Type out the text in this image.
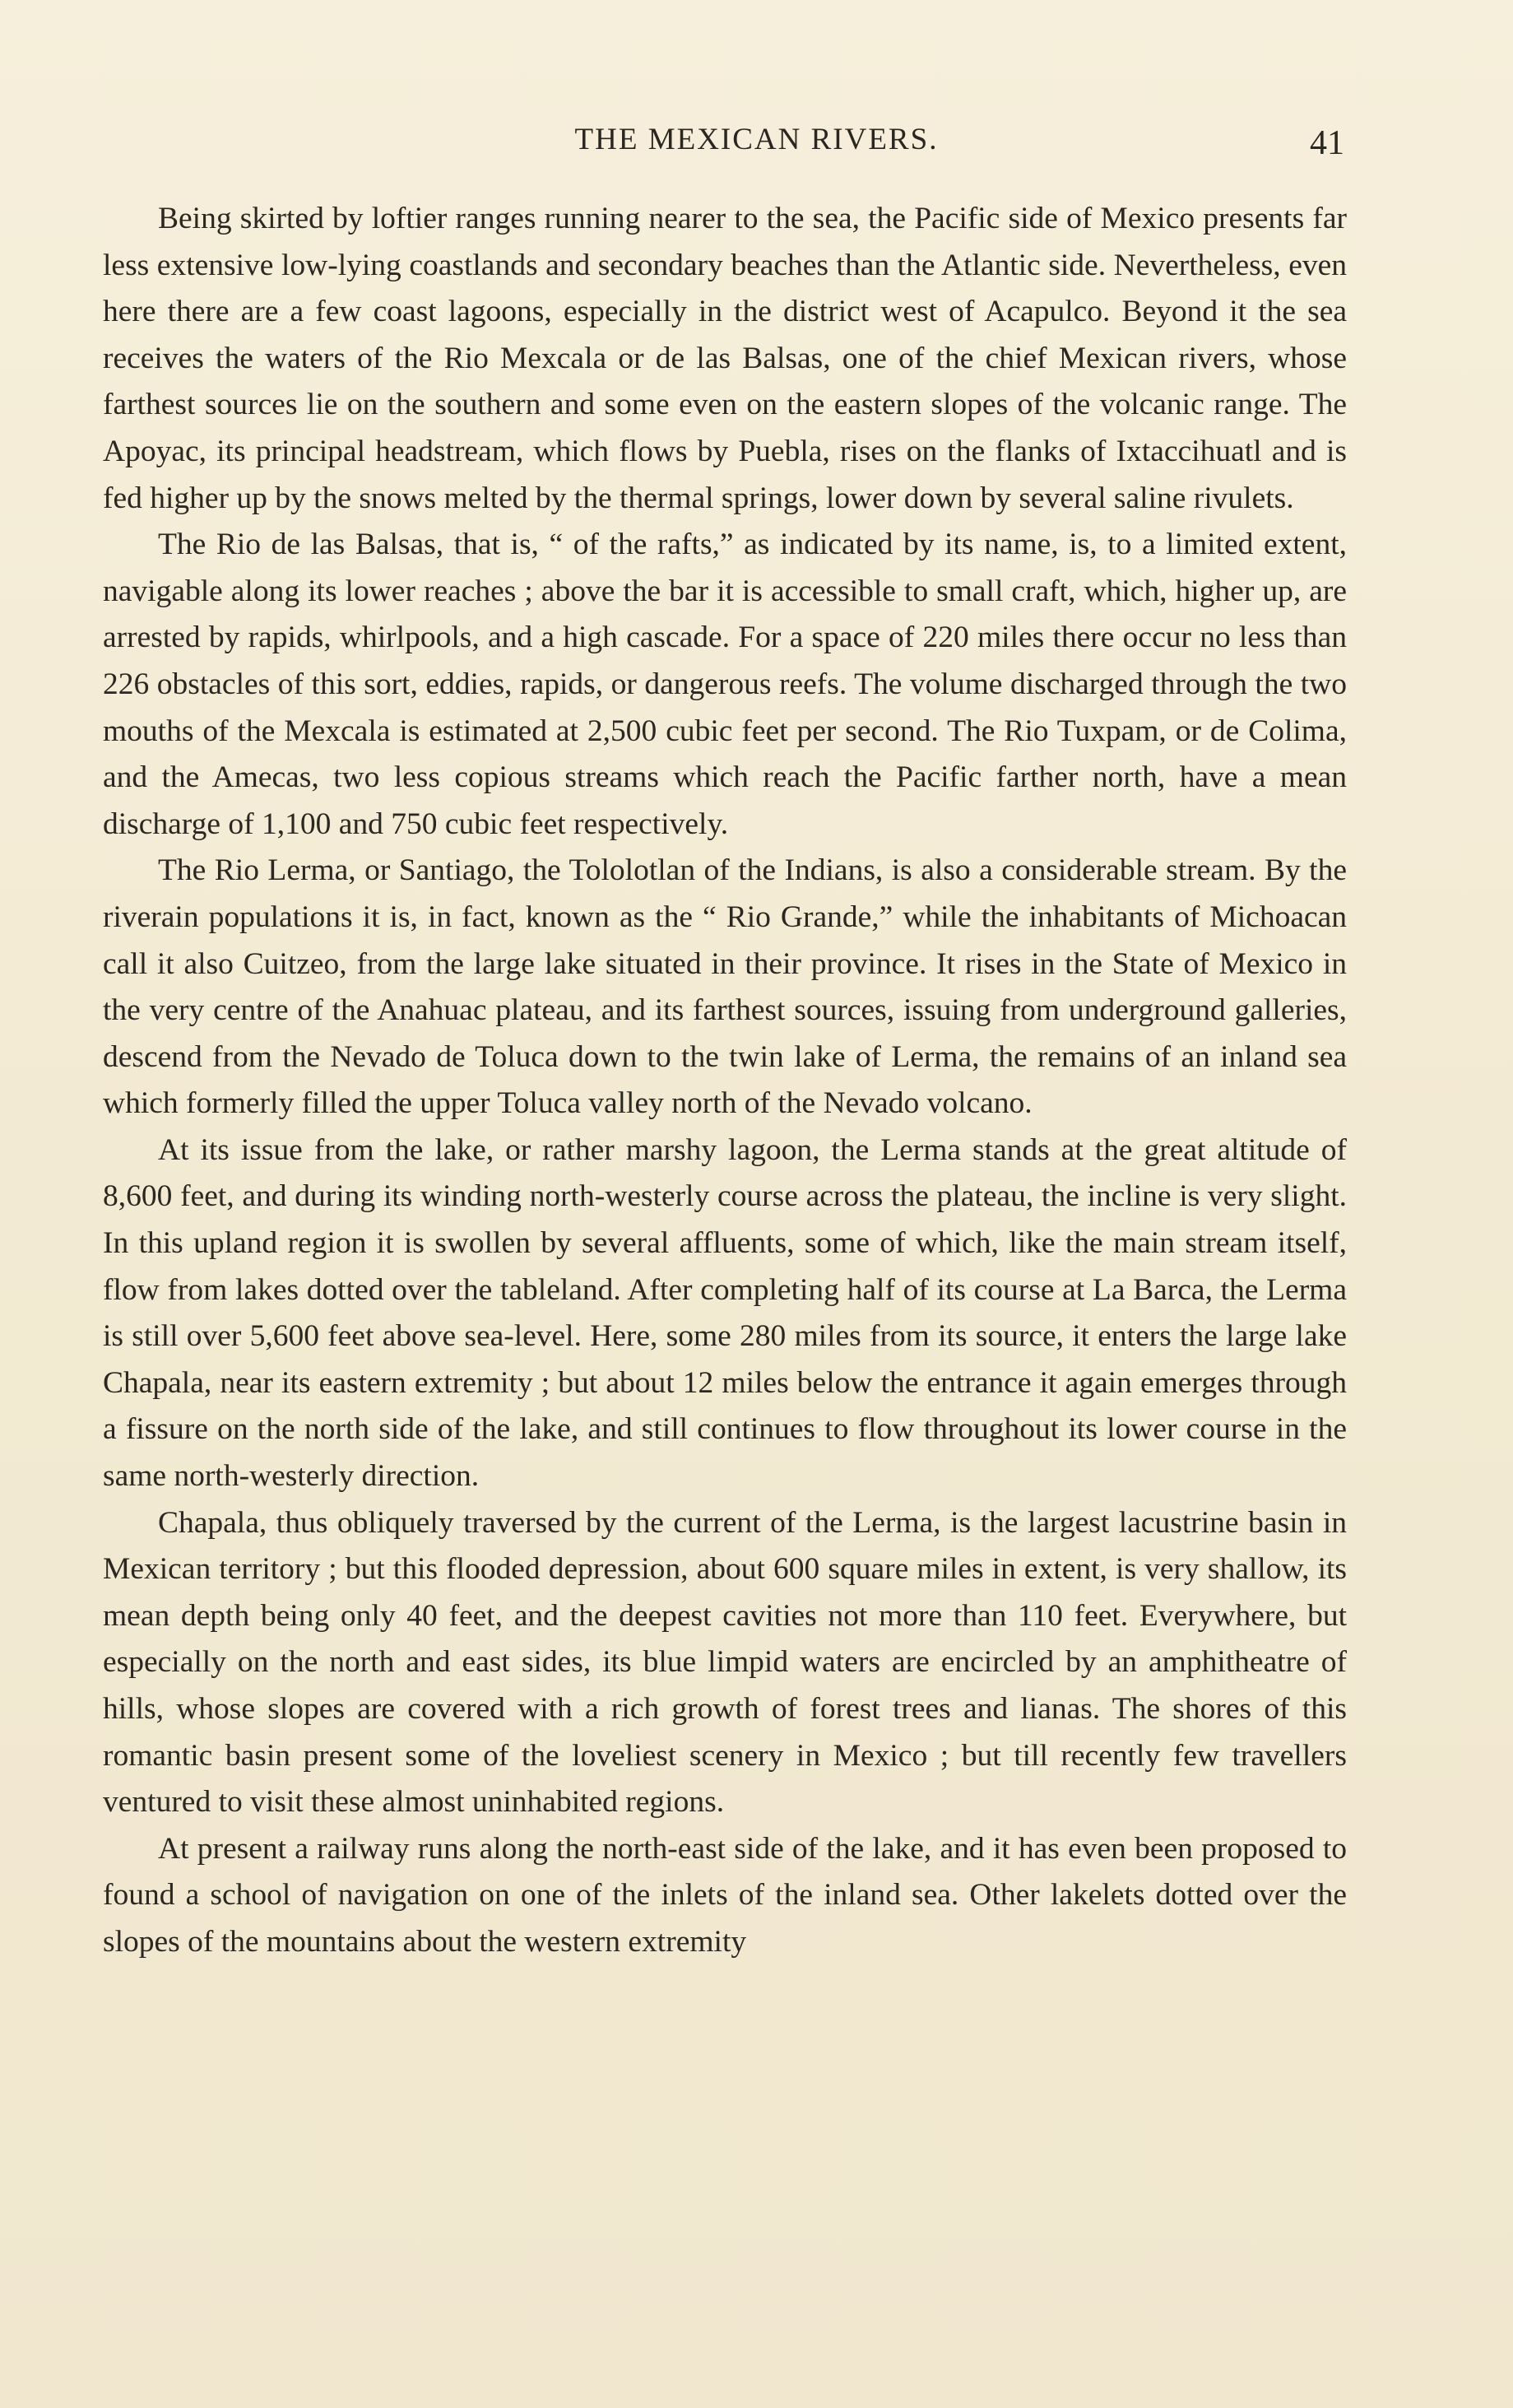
THE MEXICAN RIVERS.	41

Being skirted by loftier ranges running nearer to the sea, the Pacific side of Mexico presents far less extensive low-lying coastlands and secondary beaches than the Atlantic side. Nevertheless, even here there are a few coast lagoons, especially in the district west of Acapulco. Beyond it the sea receives the waters of the Rio Mexcala or de las Balsas, one of the chief Mexican rivers, whose farthest sources lie on the southern and some even on the eastern slopes of the volcanic range. The Apoyac, its principal headstream, which flows by Puebla, rises on the flanks of Ixtaccihuatl and is fed higher up by the snows melted by the thermal springs, lower down by several saline rivulets.

The Rio de las Balsas, that is, “ of the rafts,” as indicated by its name, is, to a limited extent, navigable along its lower reaches ; above the bar it is accessible to small craft, which, higher up, are arrested by rapids, whirlpools, and a high cascade. For a space of 220 miles there occur no less than 226 obstacles of this sort, eddies, rapids, or dangerous reefs. The volume discharged through the two mouths of the Mexcala is estimated at 2,500 cubic feet per second. The Rio Tuxpam, or de Colima, and the Amecas, two less copious streams which reach the Pacific farther north, have a mean discharge of 1,100 and 750 cubic feet respectively.

The Rio Lerma, or Santiago, the Tololotlan of the Indians, is also a considerable stream. By the riverain populations it is, in fact, known as the “ Rio Grande,” while the inhabitants of Michoacan call it also Cuitzeo, from the large lake situated in their province. It rises in the State of Mexico in the very centre of the Anahuac plateau, and its farthest sources, issuing from underground galleries, descend from the Nevado de Toluca down to the twin lake of Lerma, the remains of an inland sea which formerly filled the upper Toluca valley north of the Nevado volcano.

At its issue from the lake, or rather marshy lagoon, the Lerma stands at the great altitude of 8,600 feet, and during its winding north-westerly course across the plateau, the incline is very slight. In this upland region it is swollen by several affluents, some of which, like the main stream itself, flow from lakes dotted over the tableland. After completing half of its course at La Barca, the Lerma is still over 5,600 feet above sea-level. Here, some 280 miles from its source, it enters the large lake Chapala, near its eastern extremity ; but about 12 miles below the entrance it again emerges through a fissure on the north side of the lake, and still continues to flow throughout its lower course in the same north-westerly direction.

Chapala, thus obliquely traversed by the current of the Lerma, is the largest lacustrine basin in Mexican territory ; but this flooded depression, about 600 square miles in extent, is very shallow, its mean depth being only 40 feet, and the deepest cavities not more than 110 feet. Everywhere, but especially on the north and east sides, its blue limpid waters are encircled by an amphitheatre of hills, whose slopes are covered with a rich growth of forest trees and lianas. The shores of this romantic basin present some of the loveliest scenery in Mexico ; but till recently few travellers ventured to visit these almost uninhabited regions.

At present a railway runs along the north-east side of the lake, and it has even been proposed to found a school of navigation on one of the inlets of the inland sea. Other lakelets dotted over the slopes of the mountains about the western extremity
